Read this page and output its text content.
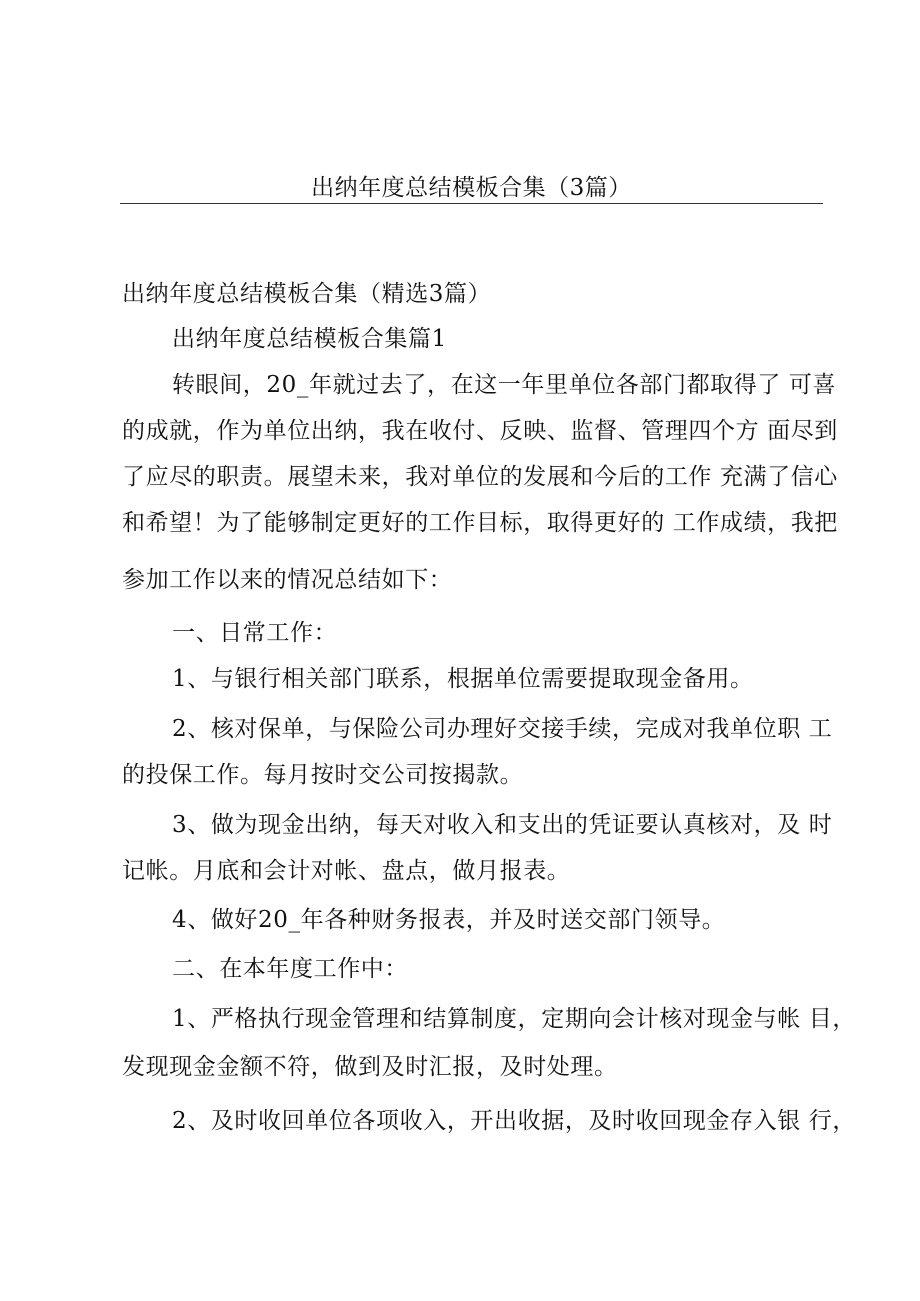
出纳年度总结模板合集（3篇）
出纳年度总结模板合集（精选3篇）
出纳年度总结模板合集篇1
转眼间，20_年就过去了，在这一年里单位各部门都取得了 可喜
的成就，作为单位出纳，我在收付、反映、监督、管理四个方 面尽到
了应尽的职责。展望未来，我对单位的发展和今后的工作 充满了信心
和希望！为了能够制定更好的工作目标，取得更好的 工作成绩，我把
参加工作以来的情况总结如下：
一、日常工作：
1、与银行相关部门联系，根据单位需要提取现金备用。
2、核对保单，与保险公司办理好交接手续，完成对我单位职 工
的投保工作。每月按时交公司按揭款。
3、做为现金出纳，每天对收入和支出的凭证要认真核对，及 时
记帐。月底和会计对帐、盘点，做月报表。
4、做好20_年各种财务报表，并及时送交部门领导。
二、在本年度工作中：
1、严格执行现金管理和结算制度，定期向会计核对现金与帐 目，
发现现金金额不符，做到及时汇报，及时处理。
2、及时收回单位各项收入，开出收据，及时收回现金存入银 行，
